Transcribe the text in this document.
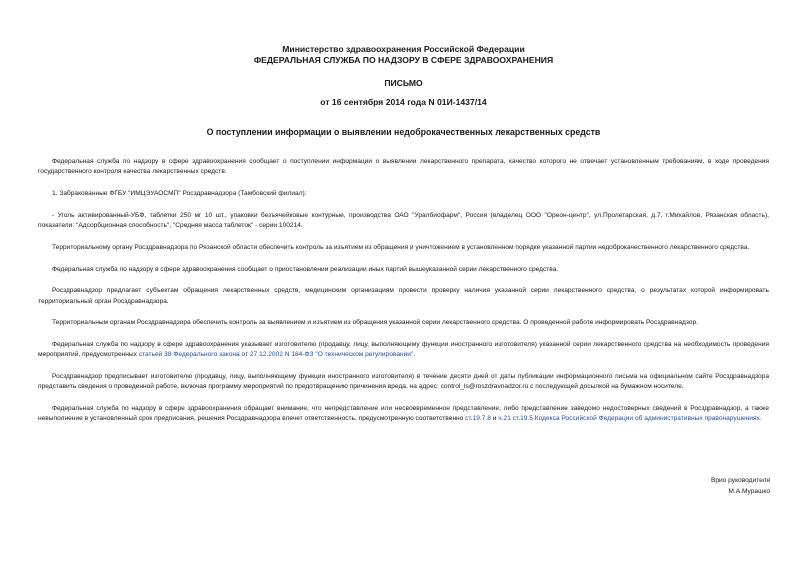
Министерство здравоохранения Российской Федерации
ФЕДЕРАЛЬНАЯ СЛУЖБА ПО НАДЗОРУ В СФЕРЕ ЗДРАВООХРАНЕНИЯ
ПИСЬМО
от 16 сентября 2014 года N 01И-1437/14
О поступлении информации о выявлении недоброкачественных лекарственных средств

Федеральная служба по надзору в сфере здравоохранения сообщает о поступлении информации о выявлении лекарственного препарата, качество которого не отвечает установленным требованиям, в ходе проведения государственного контроля качества лекарственных средств:

1. Забракованные ФГБУ "ИМЦЭУАОСМП" Росздравнадзора (Тамбовский филиал):

- Уголь активированный-УБФ, таблетки 250 мг 10 шт., упаковки безъячейковые контурные, производства ОАО "Уралбиофарм", Россия (владелец ООО "Ореон-центр", ул.Пролетарская, д.7, г.Михайлов, Рязанская область), показатели: "Адсорбционная способность", "Средняя масса таблеток" - серии 100214.

Территориальному органу Росздравнадзора по Рязанской области обеспечить контроль за изъятием из обращения и уничтожением в установленном порядке указанной партии недоброкачественного лекарственного средства.

Федеральная служба по надзору в сфере здравоохранения сообщает о приостановлении реализации иных партий вышеуказанной серии лекарственного средства.

Росздравнадзор предлагает субъектам обращения лекарственных средств, медицинским организациям провести проверку наличия указанной серии лекарственного средства, о результатах которой информировать территориальный орган Росздравнадзора.

Территориальным органам Росздравнадзора обеспечить контроль за выявлением и изъятием из обращения указанной серии лекарственного средства. О проведенной работе информировать Росздравнадзор.

Федеральная служба по надзору в сфере здравоохранения указывает изготовителю (продавцу, лицу, выполняющему функции иностранного изготовителя) указанной серии лекарственного средства на необходимость проведения мероприятий, предусмотренных статьей 38 Федерального закона от 27.12.2002 N 184-ФЗ "О техническом регулировании".

Росздравнадзор предписывает изготовителю (продавцу, лицу, выполняющему функции иностранного изготовителя) в течение десяти дней от даты публикации информационного письма на официальном сайте Росздравнадзора представить сведения о проведенной работе, включая программу мероприятий по предотвращению причинения вреда, на адрес: control_ls@roszdravnadzor.ru с последующей досылкой на бумажном носителе.

Федеральная служба по надзору в сфере здравоохранения обращает внимание, что непредставление или несвоевременное представление, либо представление заведомо недостоверных сведений в Росздравнадзор, а также невыполнение в установленный срок предписания, решения Росздравнадзора влечет ответственность, предусмотренную соответственно ст.19.7.8 и ч.21 ст.19.5 Кодекса Российской Федерации об административных правонарушениях.

Врио руководителя
М.А.Мурашко
